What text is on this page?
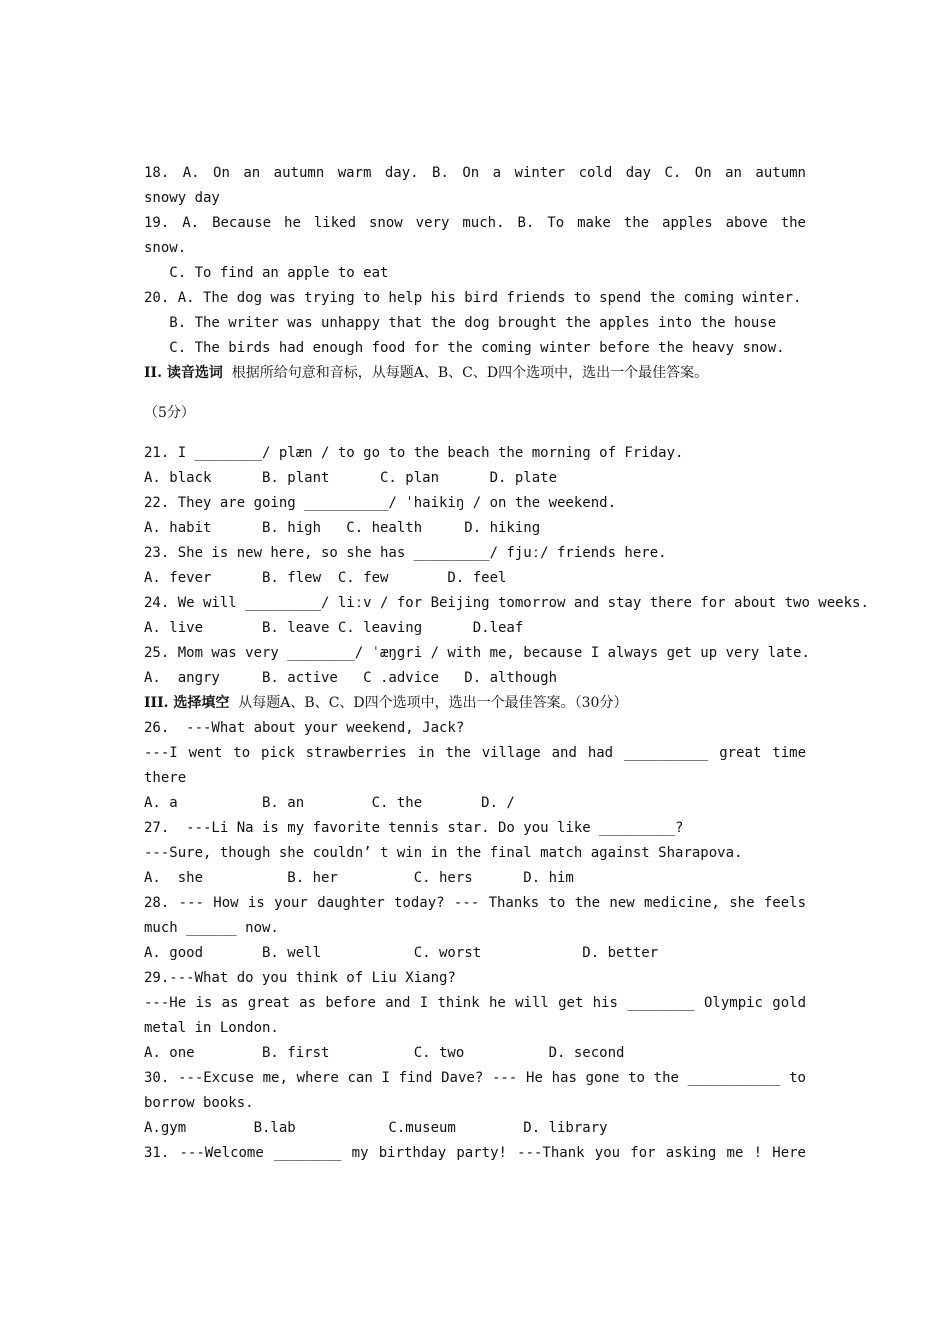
18. A. On an autumn warm day. B. On a winter cold day C. On an autumn
snowy day
19. A. Because he liked snow very much. B. To make the apples above the
snow.
C. To find an apple to eat
20. A. The dog was trying to help his bird friends to spend the coming winter.
B. The writer was unhappy that the dog brought the apples into the house
C. The birds had enough food for the coming winter before the heavy snow.
II. 读音选词  根据所给句意和音标，从每题A、B、C、D四个选项中，选出一个最佳答案。
（5分）
21. I ________/ plæn / to go to the beach the morning of Friday.
A. black      B. plant      C. plan      D. plate
22. They are going __________/ ˈhaikiŋ / on the weekend.
A. habit      B. high   C. health     D. hiking
23. She is new here, so she has _________/ fjuː/ friends here.
A. fever      B. flew  C. few       D. feel
24. We will _________/ liːv / for Beijing tomorrow and stay there for about two weeks.
A. live       B. leave C. leaving      D.leaf
25. Mom was very ________/ ˈæŋgri / with me, because I always get up very late.
A.  angry     B. active   C .advice   D. although
III. 选择填空  从每题A、B、C、D四个选项中，选出一个最佳答案。（30分）
26.  ---What about your weekend, Jack?
---I went to pick strawberries in the village and had __________ great time
there
A. a          B. an        C. the       D. /
27.  ---Li Na is my favorite tennis star. Do you like _________?
---Sure, though she couldn’ t win in the final match against Sharapova.
A.  she          B. her         C. hers      D. him
28. --- How is your daughter today? --- Thanks to the new medicine, she feels
much ______ now.
A. good       B. well           C. worst            D. better
29.---What do you think of Liu Xiang?
---He is as great as before and I think he will get his ________ Olympic gold
metal in London.
A. one        B. first          C. two          D. second
30. ---Excuse me, where can I find Dave? --- He has gone to the ___________ to
borrow books.
A.gym        B.lab           C.museum        D. library
31. ---Welcome ________ my birthday party! ---Thank you for asking me ! Here
